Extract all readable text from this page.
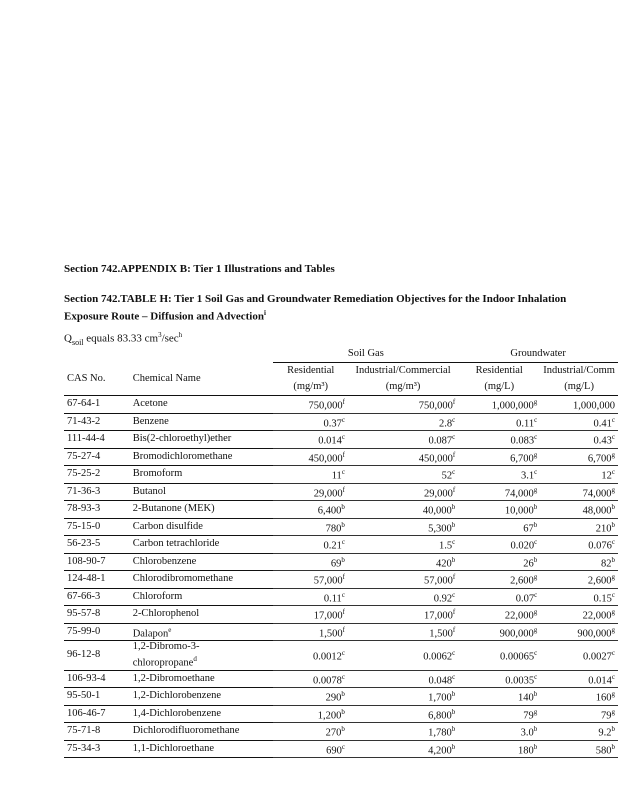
Section 742.APPENDIX B: Tier 1 Illustrations and Tables
Section 742.TABLE H: Tier 1 Soil Gas and Groundwater Remediation Objectives for the Indoor Inhalation
Exposure Route – Diffusion and Advection$^i$
$Q_{soil}$ equals 83.33 $cm^3/\sec^h$
		Soil Gas		Groundwater	
CAS No.	Chemical Name	Residential	Industrial/Commercial	Residential	Industrial/Comm
		(mg/m³)	(mg/m³)	(mg/L)	(mg/L)
67-64-1	Acetone	750,000$^f$	750,000$^f$	1,000,000$^g$	1,000,000
71-43-2	Benzene	0.37$^c$	2.8$^c$	0.11$^c$	0.41$^c$
111-44-4	Bis(2-chloroethyl)ether	0.014$^c$	0.087$^c$	0.083$^c$	0.43$^c$
75-27-4	Bromodichloromethane	450,000$^f$	450,000$^f$	6,700$^g$	6,700$^g$
75-25-2	Bromoform	11$^c$	52$^c$	3.1$^c$	12$^c$
71-36-3	Butanol	29,000$^f$	29,000$^f$	74,000$^g$	74,000$^g$
78-93-3	2-Butanone (MEK)	6,400$^b$	40,000$^b$	10,000$^b$	48,000$^b$
75-15-0	Carbon disulfide	780$^b$	5,300$^b$	67$^b$	210$^b$
56-23-5	Carbon tetrachloride	0.21$^c$	1.5$^c$	0.020$^c$	0.076$^c$
108-90-7	Chlorobenzene	69$^b$	420$^b$	26$^b$	82$^b$
124-48-1	Chlorodibromomethane	57,000$^f$	57,000$^f$	2,600$^g$	2,600$^g$
67-66-3	Chloroform	0.11$^c$	0.92$^c$	0.07$^c$	0.15$^c$
95-57-8	2-Chlorophenol	17,000$^f$	17,000$^f$	22,000$^g$	22,000$^g$
75-99-0	Dalapon$^e$	1,500$^f$	1,500$^f$	900,000$^g$	900,000$^g$
96-12-8	1,2-Dibromo-3-
chloropropane$^d$	0.0012$^c$	0.0062$^c$	0.00065$^c$	0.0027$^c$
106-93-4	1,2-Dibromoethane	0.0078$^c$	0.048$^c$	0.0035$^c$	0.014$^c$
95-50-1	1,2-Dichlorobenzene	290$^b$	1,700$^b$	140$^b$	160$^g$
106-46-7	1,4-Dichlorobenzene	1,200$^b$	6,800$^b$	79$^g$	79$^g$
75-71-8	Dichlorodifluoromethane	270$^b$	1,780$^b$	3.0$^b$	9.2$^b$
75-34-3	1,1-Dichloroethane	690$^c$	4,200$^b$	180$^b$	580$^b$
